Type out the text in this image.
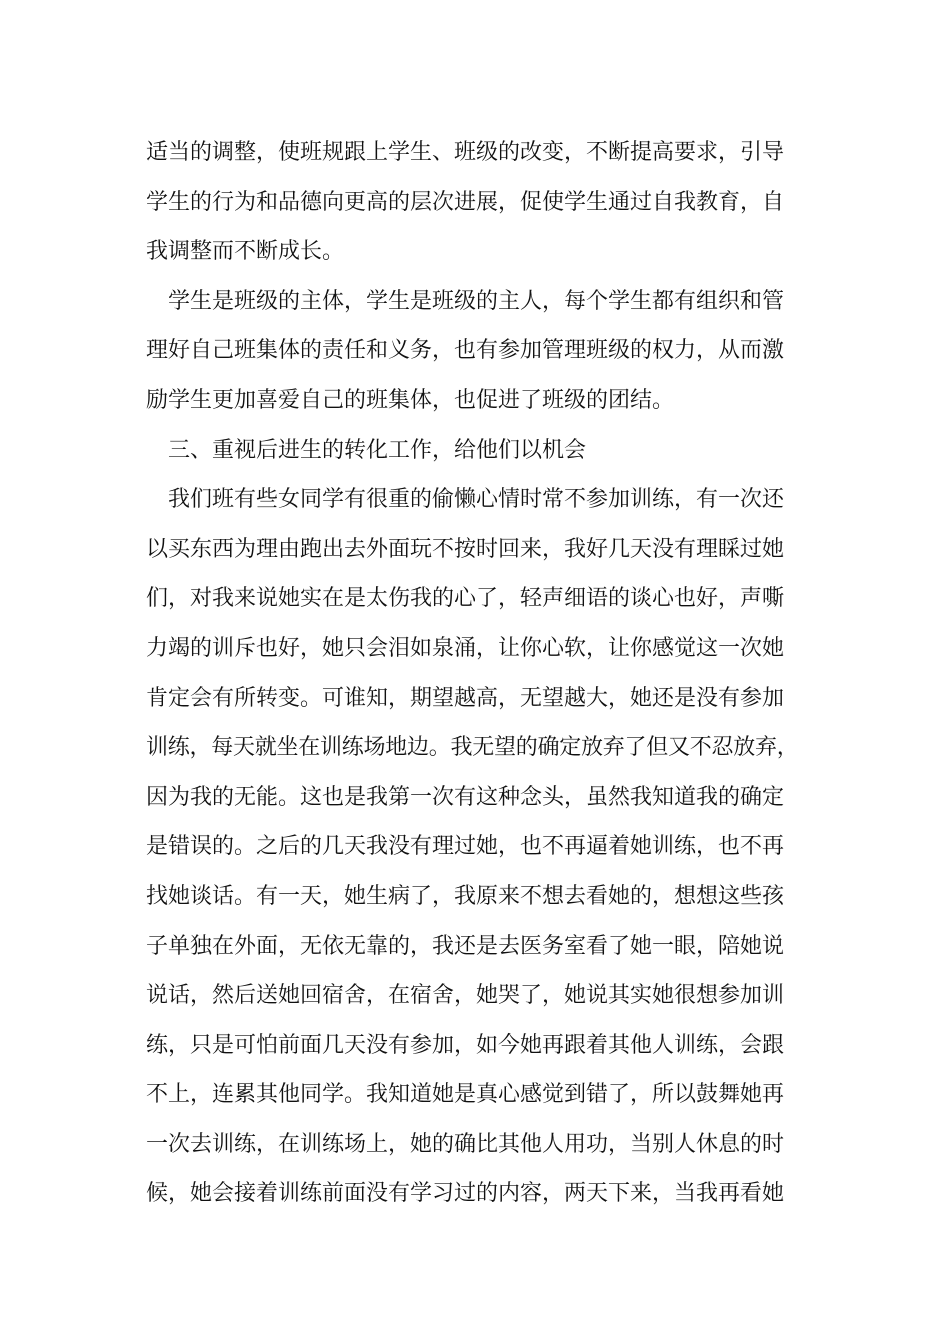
适当的调整，使班规跟上学生、班级的改变，不断提高要求，引导
学生的行为和品德向更高的层次进展，促使学生通过自我教育，自
我调整而不断成长。
学生是班级的主体，学生是班级的主人，每个学生都有组织和管
理好自己班集体的责任和义务，也有参加管理班级的权力，从而激
励学生更加喜爱自己的班集体，也促进了班级的团结。
三、重视后进生的转化工作，给他们以机会
我们班有些女同学有很重的偷懒心情时常不参加训练，有一次还
以买东西为理由跑出去外面玩不按时回来，我好几天没有理睬过她
们，对我来说她实在是太伤我的心了，轻声细语的谈心也好，声嘶
力竭的训斥也好，她只会泪如泉涌，让你心软，让你感觉这一次她
肯定会有所转变。可谁知，期望越高，无望越大，她还是没有参加
训练，每天就坐在训练场地边。我无望的确定放弃了但又不忍放弃，
因为我的无能。这也是我第一次有这种念头，虽然我知道我的确定
是错误的。之后的几天我没有理过她，也不再逼着她训练，也不再
找她谈话。有一天，她生病了，我原来不想去看她的，想想这些孩
子单独在外面，无依无靠的，我还是去医务室看了她一眼，陪她说
说话，然后送她回宿舍，在宿舍，她哭了，她说其实她很想参加训
练，只是可怕前面几天没有参加，如今她再跟着其他人训练，会跟
不上，连累其他同学。我知道她是真心感觉到错了，所以鼓舞她再
一次去训练，在训练场上，她的确比其他人用功，当别人休息的时
候，她会接着训练前面没有学习过的内容，两天下来，当我再看她
